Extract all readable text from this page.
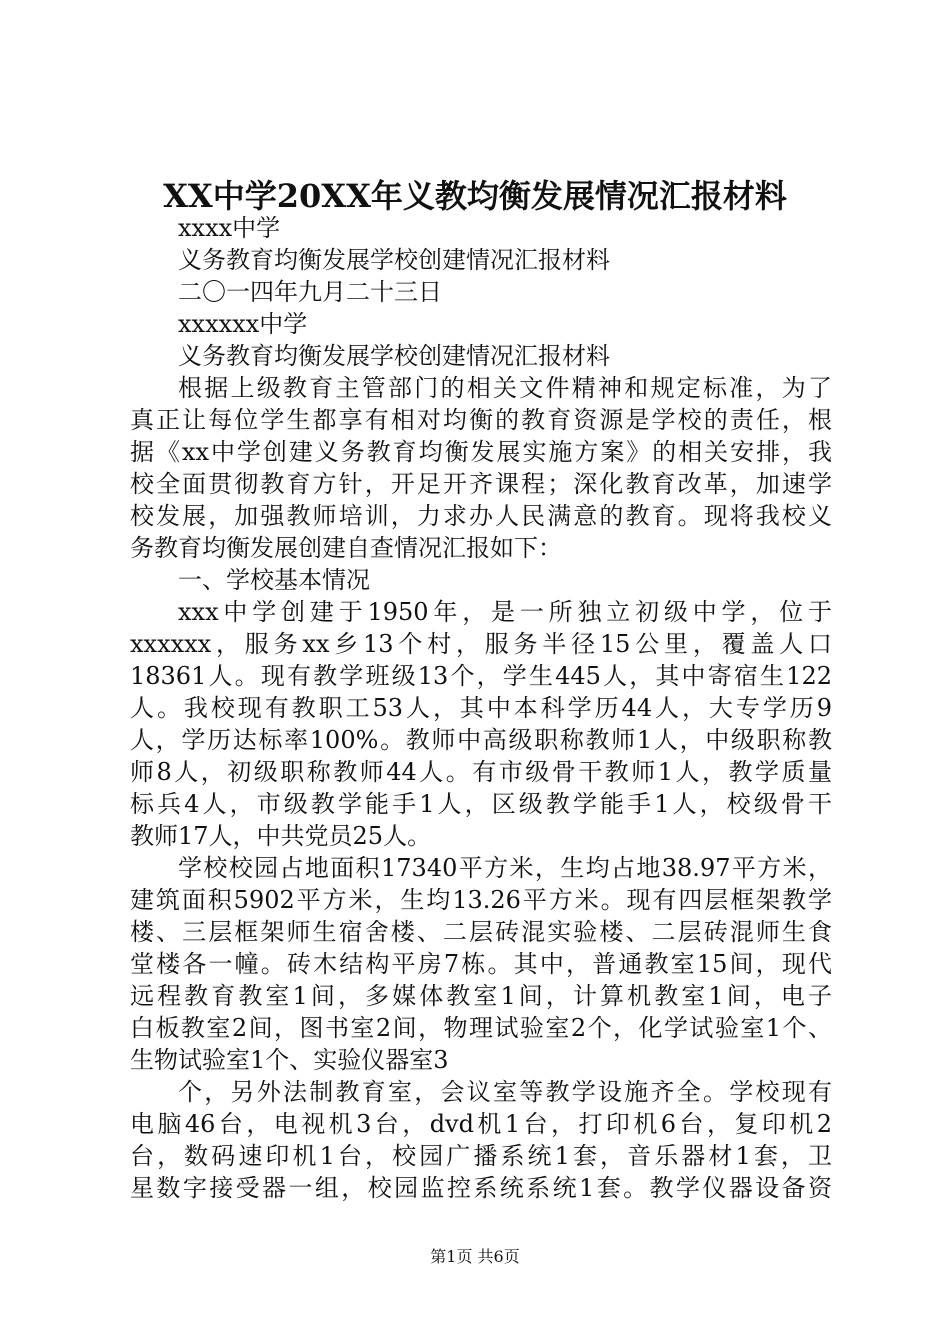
XX中学20XX年义教均衡发展情况汇报材料
xxxx中学
义务教育均衡发展学校创建情况汇报材料
二〇一四年九月二十三日
xxxxxx中学
义务教育均衡发展学校创建情况汇报材料
根据上级教育主管部门的相关文件精神和规定标准，为了
真正让每位学生都享有相对均衡的教育资源是学校的责任，根
据《xx中学创建义务教育均衡发展实施方案》的相关安排，我
校全面贯彻教育方针，开足开齐课程；深化教育改革，加速学
校发展，加强教师培训，力求办人民满意的教育。现将我校义
务教育均衡发展创建自查情况汇报如下：
一、学校基本情况
xxx中学创建于1950年，是一所独立初级中学，位于
xxxxxx，服务xx乡13个村，服务半径15公里，覆盖人口
18361人。现有教学班级13个，学生445人，其中寄宿生122
人。我校现有教职工53人，其中本科学历44人，大专学历9
人，学历达标率100%。教师中高级职称教师1人，中级职称教
师8人，初级职称教师44人。有市级骨干教师1人，教学质量
标兵4人，市级教学能手1人，区级教学能手1人，校级骨干
教师17人，中共党员25人。
学校校园占地面积17340平方米，生均占地38.97平方米，
建筑面积5902平方米，生均13.26平方米。现有四层框架教学
楼、三层框架师生宿舍楼、二层砖混实验楼、二层砖混师生食
堂楼各一幢。砖木结构平房7栋。其中，普通教室15间，现代
远程教育教室1间，多媒体教室1间，计算机教室1间，电子
白板教室2间，图书室2间，物理试验室2个，化学试验室1个、
生物试验室1个、实验仪器室3
个，另外法制教育室，会议室等教学设施齐全。学校现有
电脑46台，电视机3台，dvd机1台，打印机6台，复印机2
台，数码速印机1台，校园广播系统1套，音乐器材1套，卫
星数字接受器一组，校园监控系统系统1套。教学仪器设备资
第1页 共6页
